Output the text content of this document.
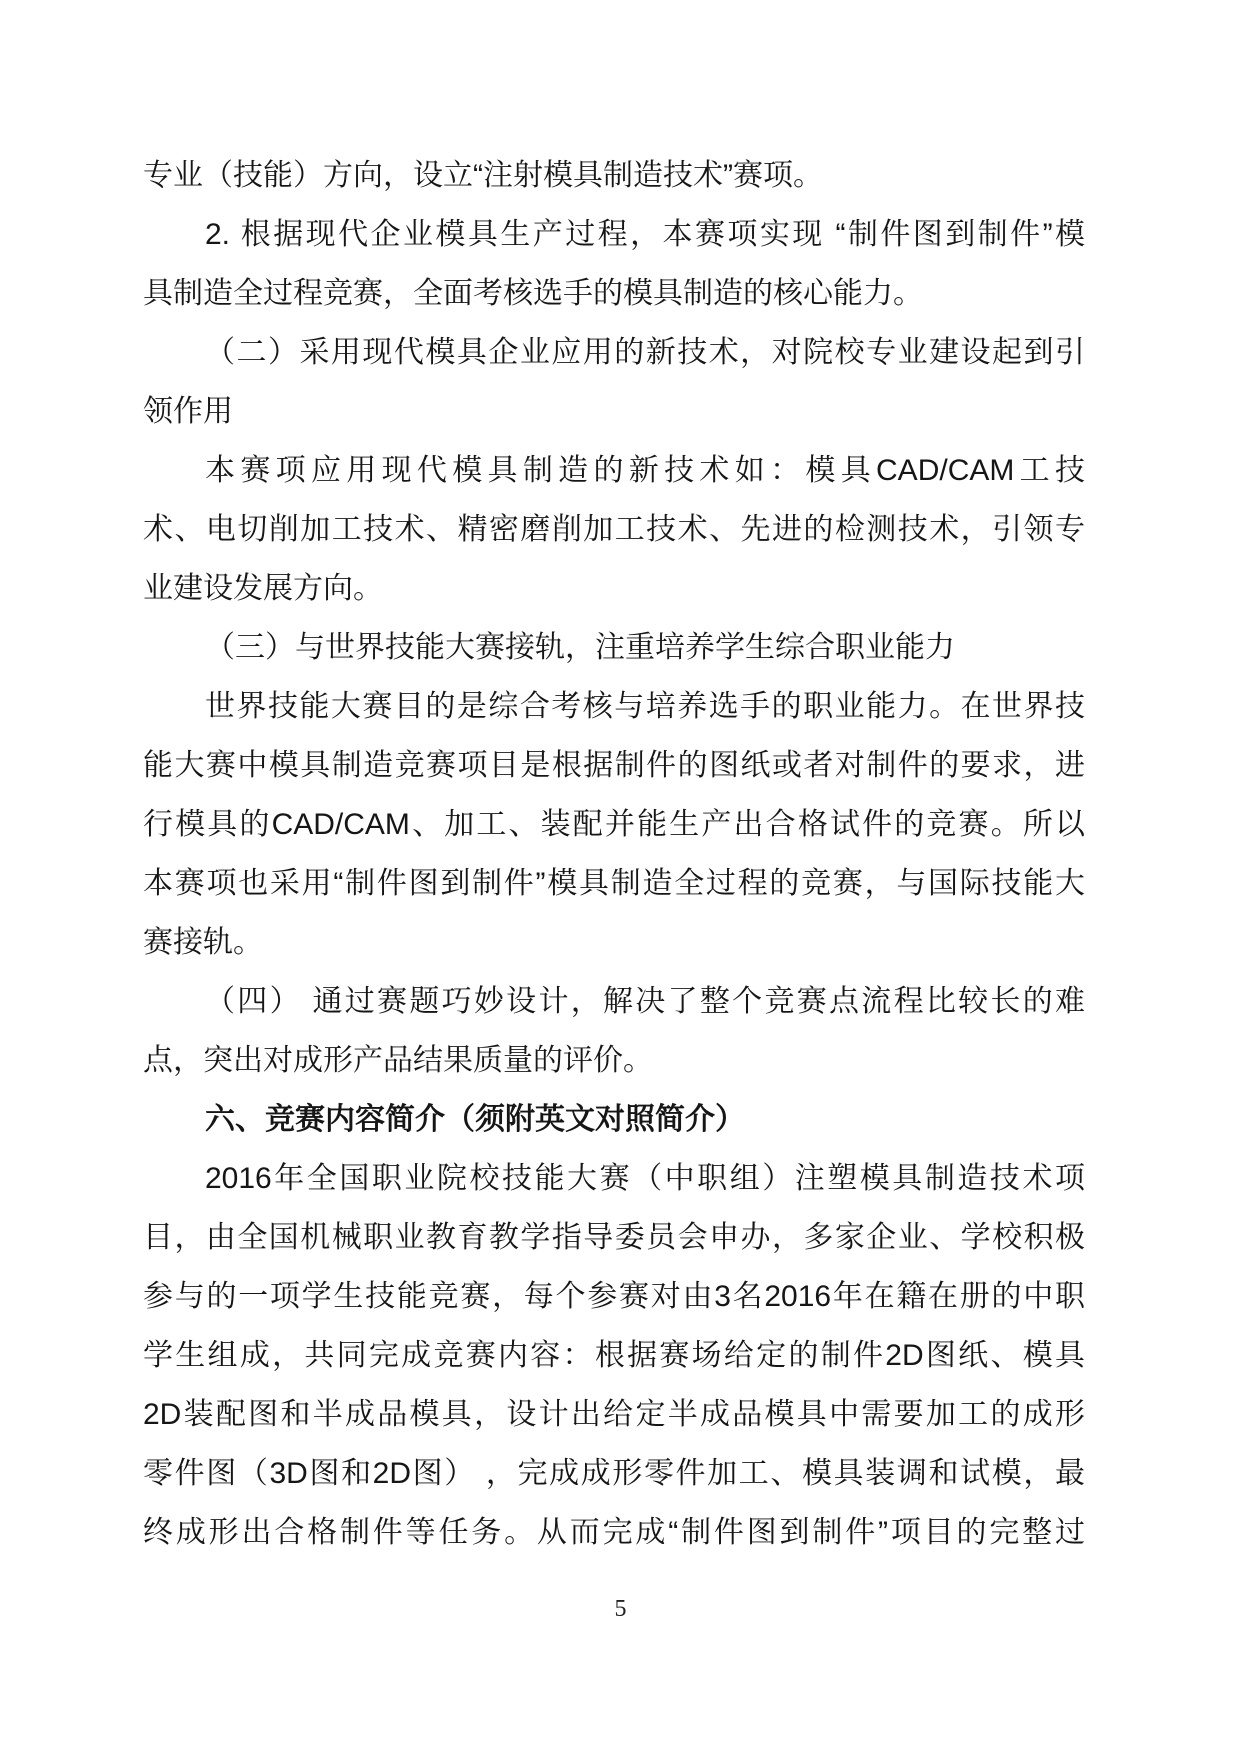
专业（技能）方向，设立“注射模具制造技术”赛项。
2. 根据现代企业模具生产过程，本赛项实现 “制件图到制件”模
具制造全过程竞赛，全面考核选手的模具制造的核心能力。
（二）采用现代模具企业应用的新技术，对院校专业建设起到引
领作用
本赛项应用现代模具制造的新技术如：模具CAD/CAM工技
术、电切削加工技术、精密磨削加工技术、先进的检测技术，引领专
业建设发展方向。
（三）与世界技能大赛接轨，注重培养学生综合职业能力
世界技能大赛目的是综合考核与培养选手的职业能力。在世界技
能大赛中模具制造竞赛项目是根据制件的图纸或者对制件的要求，进
行模具的CAD/CAM、加工、装配并能生产出合格试件的竞赛。所以
本赛项也采用“制件图到制件”模具制造全过程的竞赛，与国际技能大
赛接轨。
（四） 通过赛题巧妙设计，解决了整个竞赛点流程比较长的难
点，突出对成形产品结果质量的评价。
六、竞赛内容简介（须附英文对照简介）
2016年全国职业院校技能大赛（中职组）注塑模具制造技术项
目，由全国机械职业教育教学指导委员会申办，多家企业、学校积极
参与的一项学生技能竞赛，每个参赛对由3名2016年在籍在册的中职
学生组成，共同完成竞赛内容：根据赛场给定的制件2D图纸、模具
2D装配图和半成品模具，设计出给定半成品模具中需要加工的成形
零件图（3D图和2D图） ，完成成形零件加工、模具装调和试模，最
终成形出合格制件等任务。从而完成“制件图到制件”项目的完整过
5
